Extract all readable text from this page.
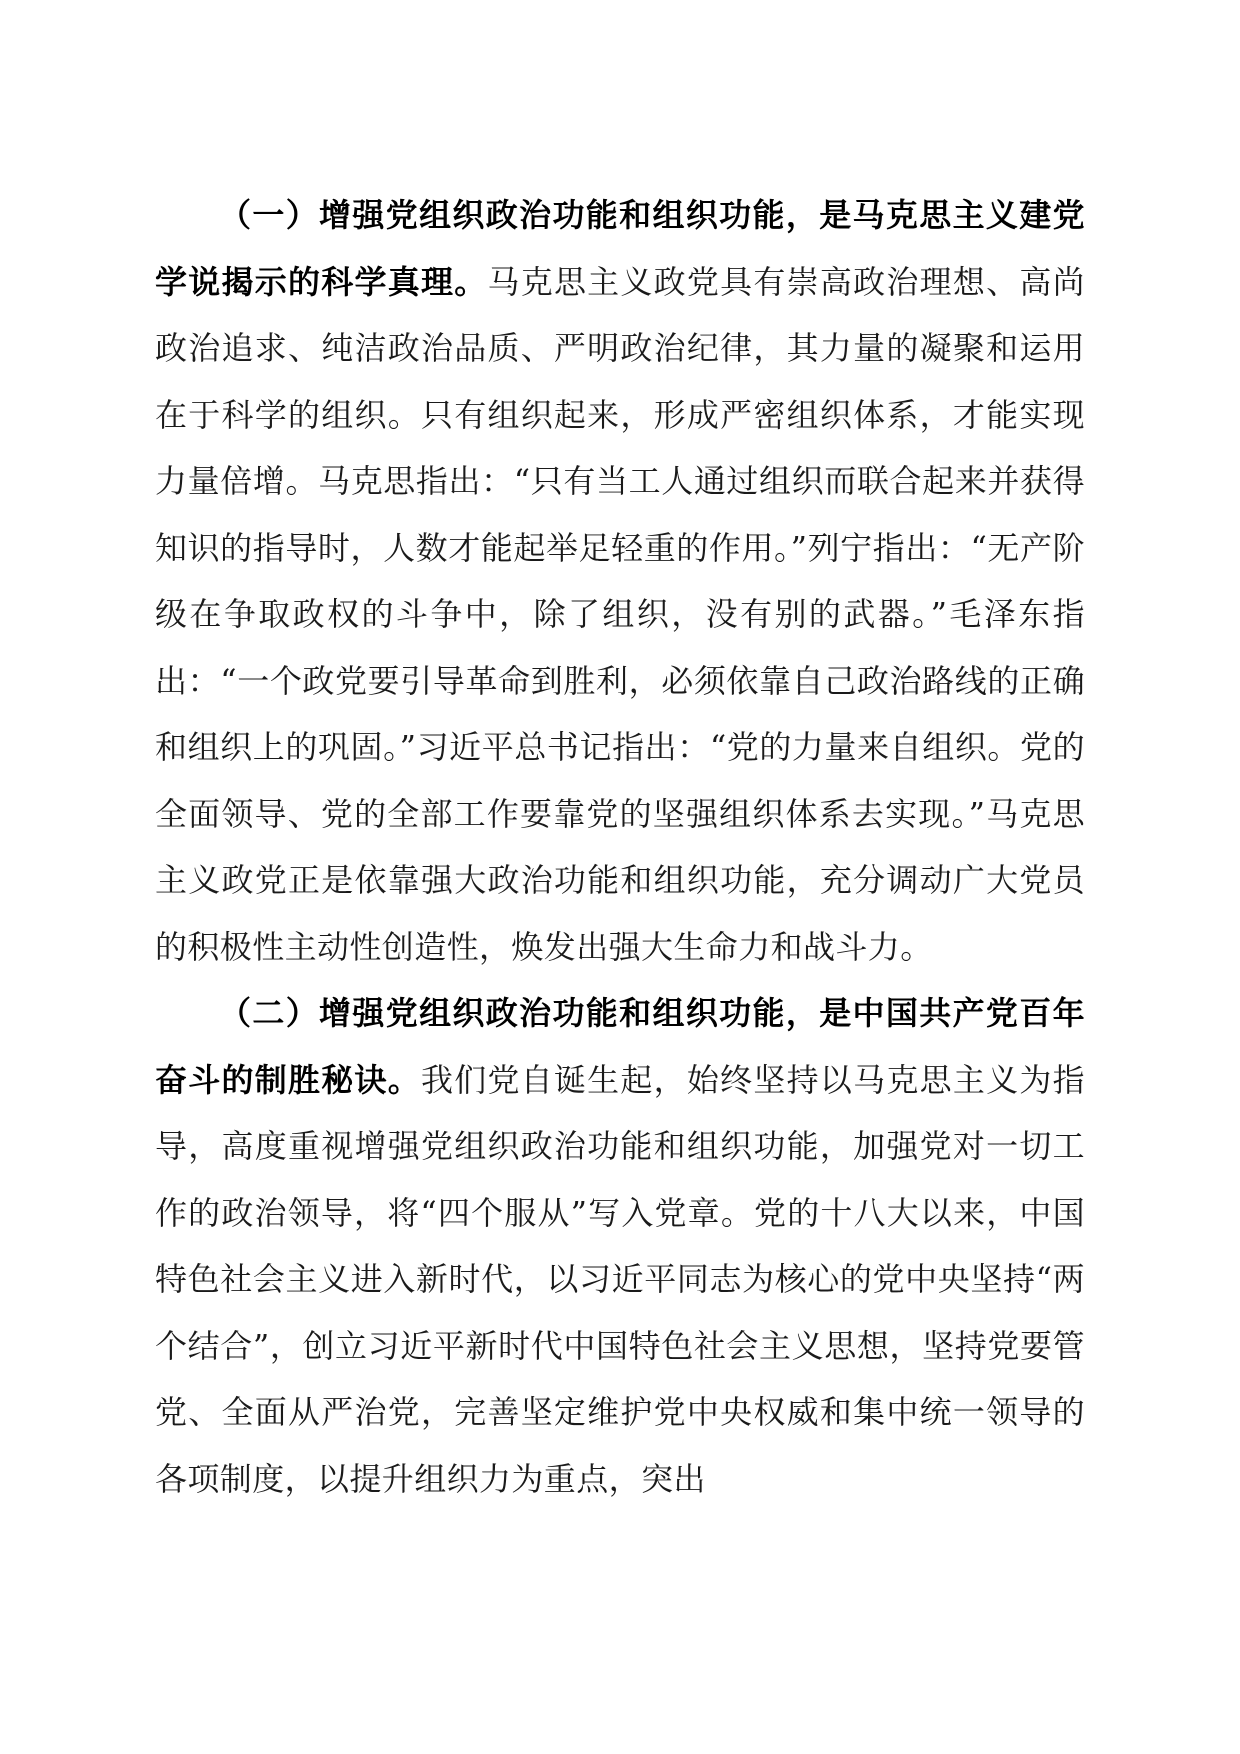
（一）增强党组织政治功能和组织功能，是马克思主义建党学说揭示的科学真理。马克思主义政党具有崇高政治理想、高尚政治追求、纯洁政治品质、严明政治纪律，其力量的凝聚和运用在于科学的组织。只有组织起来，形成严密组织体系，才能实现力量倍增。马克思指出：“只有当工人通过组织而联合起来并获得知识的指导时，人数才能起举足轻重的作用。”列宁指出：“无产阶级在争取政权的斗争中，除了组织，没有别的武器。”毛泽东指出：“一个政党要引导革命到胜利，必须依靠自己政治路线的正确和组织上的巩固。”习近平总书记指出：“党的力量来自组织。党的全面领导、党的全部工作要靠党的坚强组织体系去实现。”马克思主义政党正是依靠强大政治功能和组织功能，充分调动广大党员的积极性主动性创造性，焕发出强大生命力和战斗力。

（二）增强党组织政治功能和组织功能，是中国共产党百年奋斗的制胜秘诀。我们党自诞生起，始终坚持以马克思主义为指导，高度重视增强党组织政治功能和组织功能，加强党对一切工作的政治领导，将“四个服从”写入党章。党的十八大以来，中国特色社会主义进入新时代，以习近平同志为核心的党中央坚持“两个结合”，创立习近平新时代中国特色社会主义思想，坚持党要管党、全面从严治党，完善坚定维护党中央权威和集中统一领导的各项制度，以提升组织力为重点，突出
